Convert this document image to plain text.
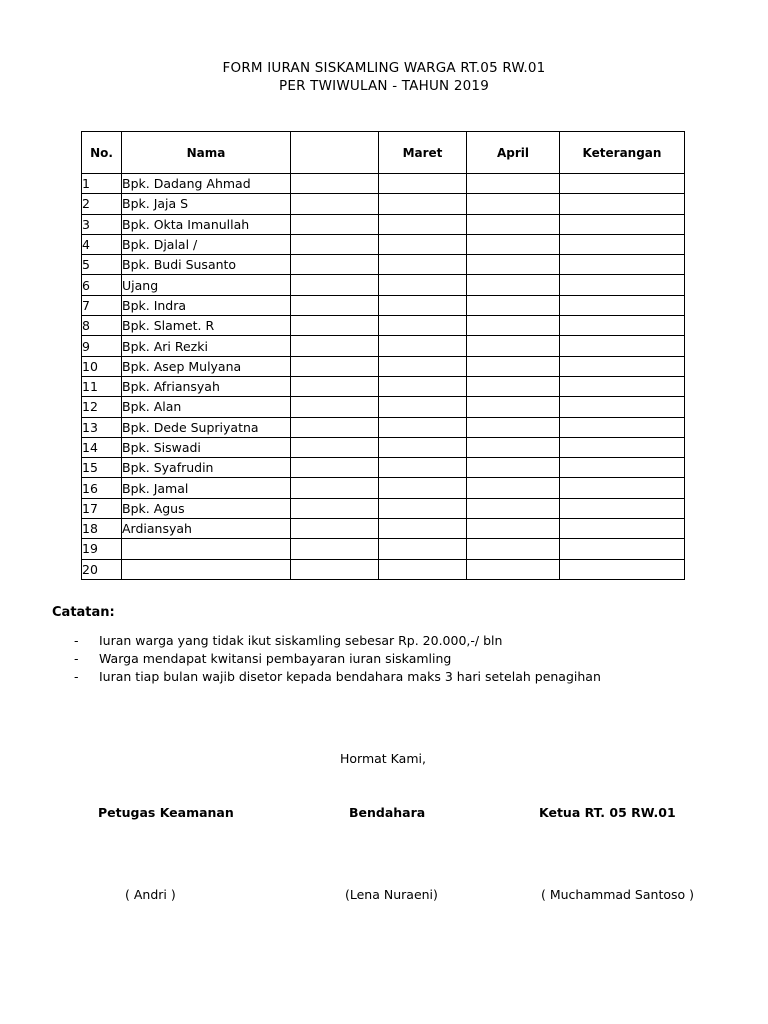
FORM IURAN SISKAMLING WARGA RT.05 RW.01
PER TWIWULAN - TAHUN 2019
No.	Nama		Maret	April	Keterangan
1	Bpk. Dadang Ahmad				
2	Bpk. Jaja S				
3	Bpk. Okta Imanullah				
4	Bpk. Djalal /				
5	Bpk. Budi Susanto				
6	Ujang				
7	Bpk. Indra				
8	Bpk. Slamet. R				
9	Bpk. Ari Rezki				
10	Bpk. Asep Mulyana				
11	Bpk. Afriansyah				
12	Bpk. Alan				
13	Bpk. Dede Supriyatna				
14	Bpk. Siswadi				
15	Bpk. Syafrudin				
16	Bpk. Jamal				
17	Bpk. Agus				
18	Ardiansyah				
19					
20					
Catatan:
- Iuran warga yang tidak ikut siskamling sebesar Rp. 20.000,-/ bln
- Warga mendapat kwitansi pembayaran iuran siskamling
- Iuran tiap bulan wajib disetor kepada bendahara maks 3 hari setelah penagihan
Hormat Kami,
Petugas Keamanan	Bendahara	Ketua RT. 05 RW.01
( Andri )	(Lena Nuraeni)	( Muchammad Santoso )
